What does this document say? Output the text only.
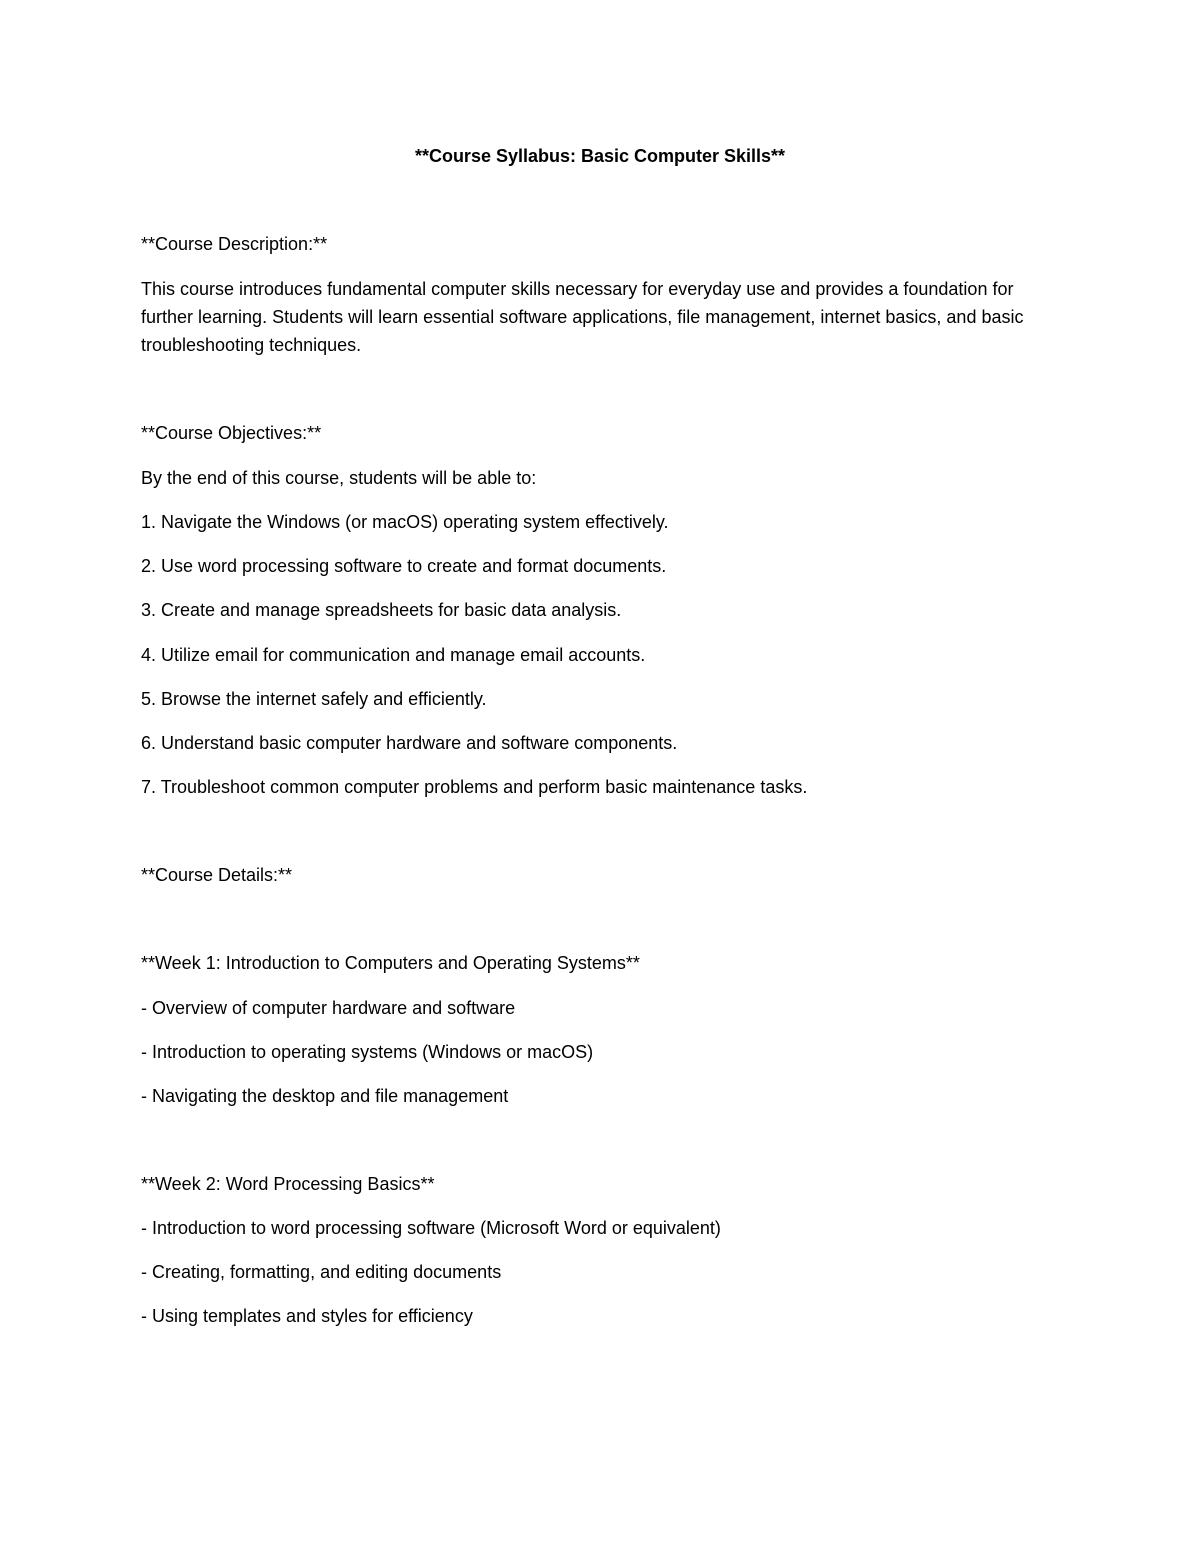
**Course Syllabus: Basic Computer Skills**
**Course Description:**
This course introduces fundamental computer skills necessary for everyday use and provides a foundation for further learning. Students will learn essential software applications, file management, internet basics, and basic troubleshooting techniques.
**Course Objectives:**
By the end of this course, students will be able to:
1. Navigate the Windows (or macOS) operating system effectively.
2. Use word processing software to create and format documents.
3. Create and manage spreadsheets for basic data analysis.
4. Utilize email for communication and manage email accounts.
5. Browse the internet safely and efficiently.
6. Understand basic computer hardware and software components.
7. Troubleshoot common computer problems and perform basic maintenance tasks.
**Course Details:**
**Week 1: Introduction to Computers and Operating Systems**
- Overview of computer hardware and software
- Introduction to operating systems (Windows or macOS)
- Navigating the desktop and file management
**Week 2: Word Processing Basics**
- Introduction to word processing software (Microsoft Word or equivalent)
- Creating, formatting, and editing documents
- Using templates and styles for efficiency
